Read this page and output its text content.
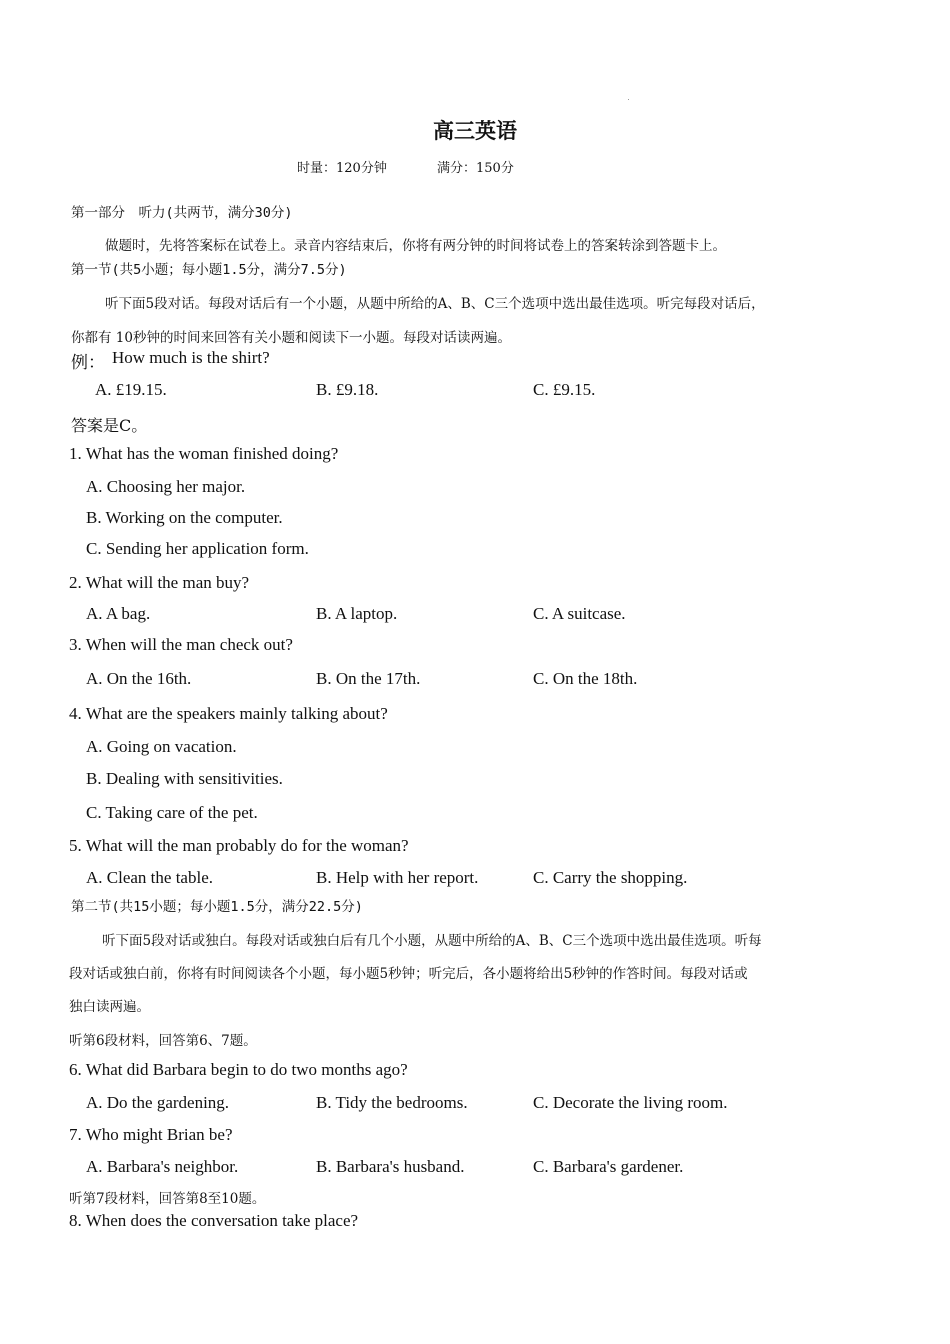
高三英语
时量：120分钟	满分：150分
第一部分　听力(共两节，满分30分)
做题时，先将答案标在试卷上。录音内容结束后，你将有两分钟的时间将试卷上的答案转涂到答题卡上。
第一节(共5小题；每小题1.5分，满分7.5分)
听下面5段对话。每段对话后有一个小题，从题中所给的A、B、C三个选项中选出最佳选项。听完每段对话后，
你都有 10秒钟的时间来回答有关小题和阅读下一小题。每段对话读两遍。
例： How much is the shirt?
A. £19.15.	B. £9.18.	C. £9.15.
答案是C。
1. What has the woman finished doing?
A. Choosing her major.
B. Working on the computer.
C. Sending her application form.
2. What will the man buy?
A. A bag.	B. A laptop.	C. A suitcase.
3. When will the man check out?
A. On the 16th.	B. On the 17th.	C. On the 18th.
4. What are the speakers mainly talking about?
A. Going on vacation.
B. Dealing with sensitivities.
C. Taking care of the pet.
5. What will the man probably do for the woman?
A. Clean the table.	B. Help with her report.	C. Carry the shopping.
第二节(共15小题；每小题1.5分，满分22.5分)
听下面5段对话或独白。每段对话或独白后有几个小题，从题中所给的A、B、C三个选项中选出最佳选项。听每
段对话或独白前，你将有时间阅读各个小题，每小题5秒钟；听完后，各小题将给出5秒钟的作答时间。每段对话或
独白读两遍。
听第6段材料，回答第6、7题。
6. What did Barbara begin to do two months ago?
A. Do the gardening.	B. Tidy the bedrooms.	C. Decorate the living room.
7. Who might Brian be?
A. Barbara's neighbor.	B. Barbara's husband.	C. Barbara's gardener.
听第7段材料，回答第8至10题。
8. When does the conversation take place?
